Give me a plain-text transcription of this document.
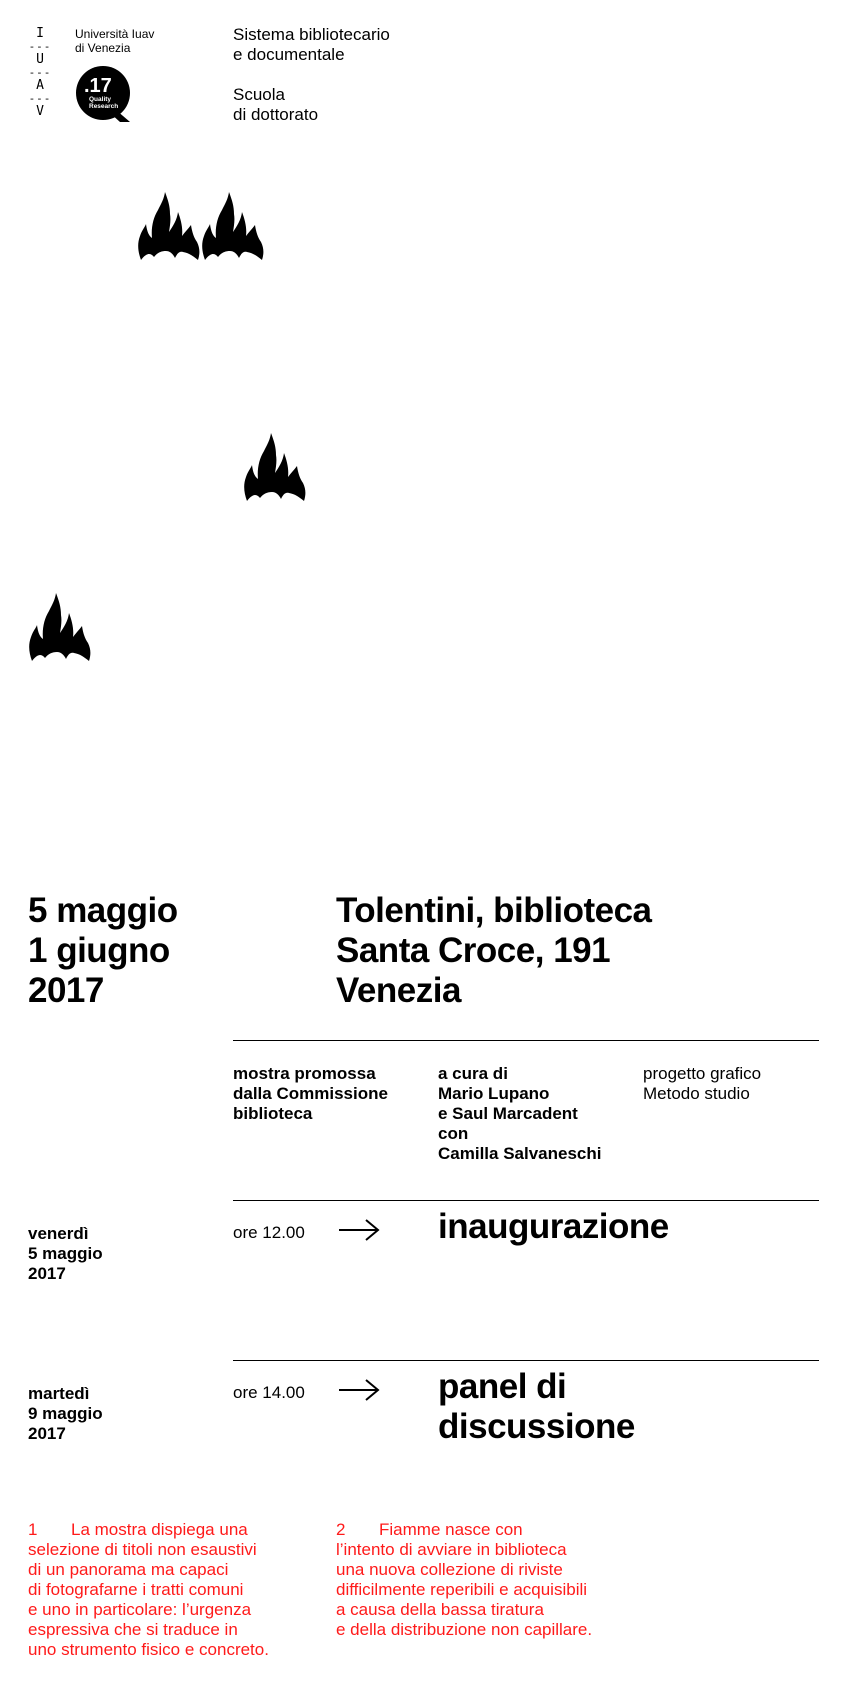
I
---
U
---
A
---
V
Università Iuav
di Venezia
.17
Quality
Research
Sistema bibliotecario
e documentale
Scuola
di dottorato
5 maggio
1 giugno
2017
Tolentini, biblioteca
Santa Croce, 191
Venezia
mostra promossa
dalla Commissione
biblioteca
a cura di
Mario Lupano
e Saul Marcadent
con
Camilla Salvaneschi
progetto grafico
Metodo studio
venerdì
5 maggio
2017
ore 12.00	inaugurazione
martedì
9 maggio
2017
ore 14.00	panel di
discussione
1 La mostra dispiega una
selezione di titoli non esaustivi
di un panorama ma capaci
di fotografarne i tratti comuni
e uno in particolare: l’urgenza
espressiva che si traduce in
uno strumento fisico e concreto.
2 Fiamme nasce con
l’intento di avviare in biblioteca
una nuova collezione di riviste
difficilmente reperibili e acquisibili
a causa della bassa tiratura
e della distribuzione non capillare.
